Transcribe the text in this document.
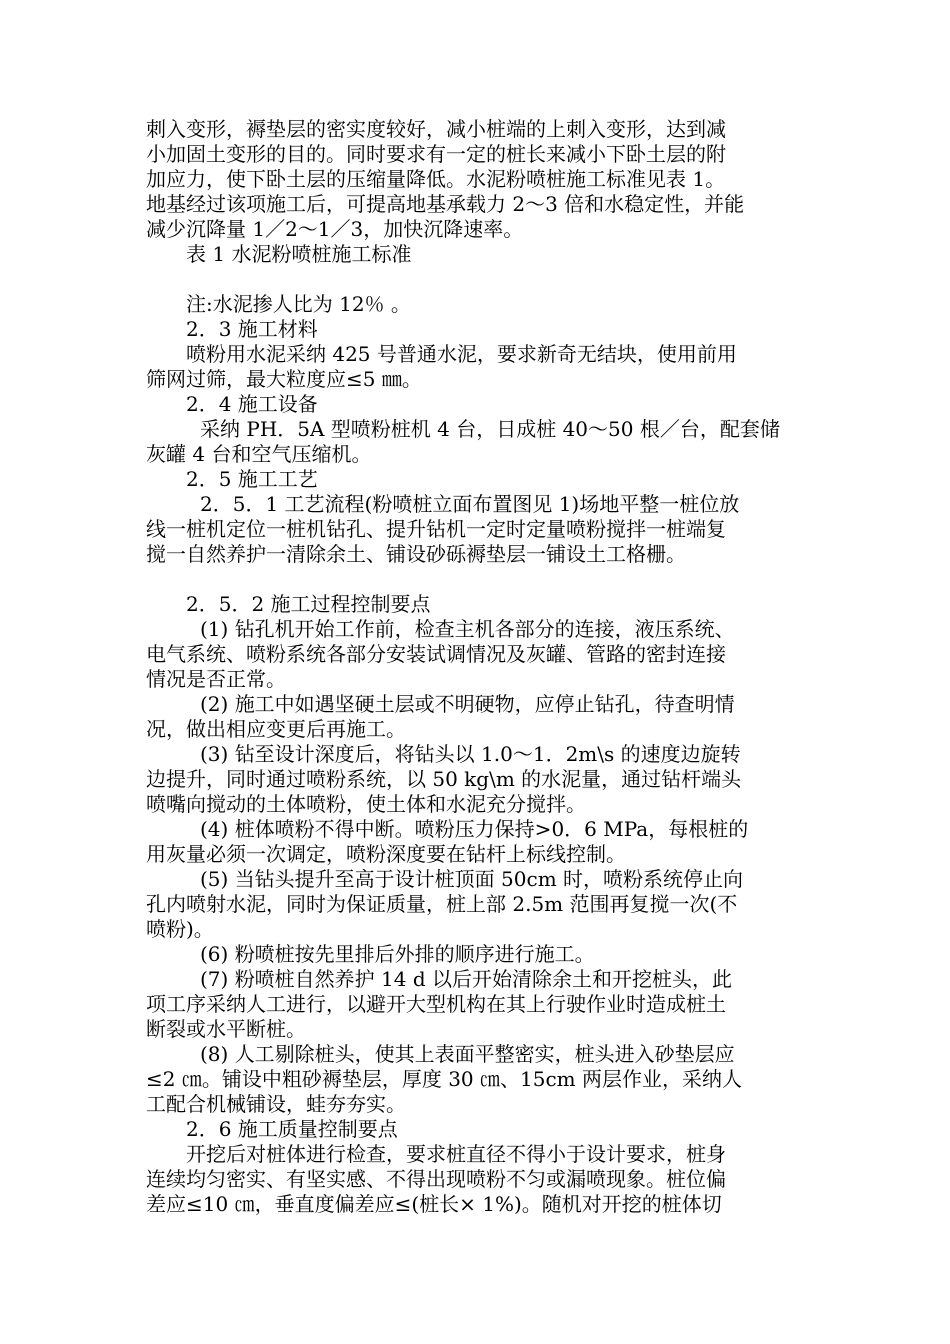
刺入变形，褥垫层的密实度较好，减小桩端的上刺入变形，达到减
小加固土变形的目的。同时要求有一定的桩长来减小下卧土层的附
加应力，使下卧土层的压缩量降低。水泥粉喷桩施工标准见表 1。
地基经过该项施工后，可提高地基承载力 2～3 倍和水稳定性，并能
减少沉降量 1／2～1／3，加快沉降速率。
表 1 水泥粉喷桩施工标准
注:水泥掺人比为 12％ 。
2．3 施工材料
喷粉用水泥采纳 425 号普通水泥，要求新奇无结块，使用前用
筛网过筛，最大粒度应≤5 ㎜。
2．4 施工设备
采纳 PH．5A 型喷粉桩机 4 台，日成桩 40～50 根／台，配套储
灰罐 4 台和空气压缩机。
2．5 施工工艺
2．5．1 工艺流程(粉喷桩立面布置图见 1)场地平整一桩位放
线一桩机定位一桩机钻孔、提升钻机一定时定量喷粉搅拌一桩端复
搅一自然养护一清除余土、铺设砂砾褥垫层一铺设土工格栅。
2．5．2 施工过程控制要点
(1) 钻孔机开始工作前，检查主机各部分的连接，液压系统、
电气系统、喷粉系统各部分安装试调情况及灰罐、管路的密封连接
情况是否正常。
(2) 施工中如遇坚硬土层或不明硬物，应停止钻孔，待查明情
况，做出相应变更后再施工。
(3) 钻至设计深度后，将钻头以 1.0～1．2m\s 的速度边旋转
边提升，同时通过喷粉系统，以 50 kg\m 的水泥量，通过钻杆端头
喷嘴向搅动的土体喷粉，使土体和水泥充分搅拌。
(4) 桩体喷粉不得中断。喷粉压力保持>0．6 MPa，每根桩的
用灰量必须一次调定，喷粉深度要在钻杆上标线控制。
(5) 当钻头提升至高于设计桩顶面 50cm 时，喷粉系统停止向
孔内喷射水泥，同时为保证质量，桩上部 2.5m 范围再复搅一次(不
喷粉)。
(6) 粉喷桩按先里排后外排的顺序进行施工。
(7) 粉喷桩自然养护 14 d 以后开始清除余土和开挖桩头，此
项工序采纳人工进行，以避开大型机构在其上行驶作业时造成桩土
断裂或水平断桩。
(8) 人工剔除桩头，使其上表面平整密实，桩头进入砂垫层应
≤2 ㎝。铺设中粗砂褥垫层，厚度 30 ㎝、15cm 两层作业，采纳人
工配合机械铺设，蛙夯夯实。
2．6 施工质量控制要点
开挖后对桩体进行检查，要求桩直径不得小于设计要求，桩身
连续均匀密实、有坚实感、不得出现喷粉不匀或漏喷现象。桩位偏
差应≤10 ㎝，垂直度偏差应≤(桩长× 1%)。随机对开挖的桩体切
